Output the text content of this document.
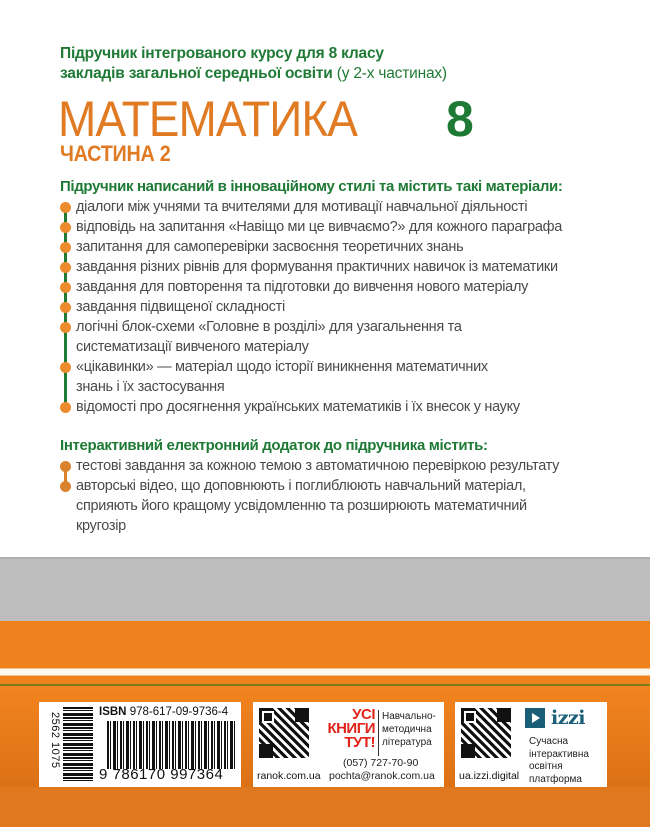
Підручник інтегрованого курсу для 8 класу
закладів загальної середньої освіти (у 2-х частинах)
МАТЕМАТИКА 8
ЧАСТИНА 2
Підручник написаний в інноваційному стилі та містить такі матеріали:
діалоги між учнями та вчителями для мотивації навчальної діяльності
відповідь на запитання «Навіщо ми це вивчаємо?» для кожного параграфа
запитання для самоперевірки засвоєння теоретичних знань
завдання різних рівнів для формування практичних навичок із математики
завдання для повторення та підготовки до вивчення нового матеріалу
завдання підвищеної складності
логічні блок-схеми «Головне в розділі» для узагальнення та систематизації вивченого матеріалу
«цікавинки» — матеріал щодо історії виникнення математичних знань і їх застосування
відомості про досягнення українських математиків і їх внесок у науку
Інтерактивний електронний додаток до підручника містить:
тестові завдання за кожною темою з автоматичною перевіркою результату
авторські відео, що доповнюють і поглиблюють навчальний матеріал, сприяють його кращому усвідомленню та розширюють математичний кругозір
2562 1075	ISBN 978-617-09-9736-4
9 786170 997364	ranok.com.ua
УСІ КНИГИ ТУТ!
Навчально-методична література
(057) 727-70-90
pochta@ranok.com.ua ua.izzi.digital
izzi
Сучасна інтерактивна освітня платформа
